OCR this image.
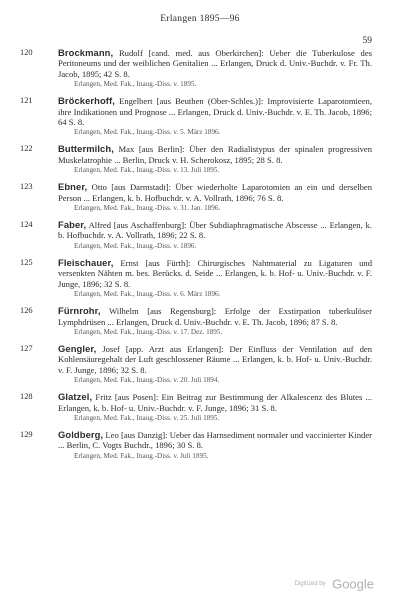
Erlangen 1895—96
59
120	Brockmann, Rudolf [cand. med. aus Oberkirchen]: Ueber die Tuberkulose des Peritoneums und der weiblichen Genitalien ... Erlangen, Druck d. Univ.-Buchdr. v. Fr. Th. Jacob, 1895; 42 S. 8.
Erlangen, Med. Fak., Inaug.-Diss. v. 1895.
121	Bröckerhoff, Engelbert [aus Beuthen (Ober-Schles.)]: Improvisierte Laparotomieen, ihre Indikationen und Prognose ... Erlangen, Druck d. Univ.-Buchdr. v. E. Th. Jacob, 1896; 64 S. 8.
Erlangen, Med. Fak., Inaug.-Diss. v. 5. März 1896.
122	Buttermilch, Max [aus Berlin]: Über den Radialistypus der spinalen progressiven Muskelatrophie ... Berlin, Druck v. H. Scherokosz, 1895; 28 S. 8.
Erlangen, Med. Fak., Inaug.-Diss. v. 13. Juli 1895.
123	Ebner, Otto [aus Darmstadt]: Über wiederholte Laparotomien an ein und derselben Person ... Erlangen, k. b. Hofbuchdr. v. A. Vollrath, 1896; 76 S. 8.
Erlangen, Med. Fak., Inaug.-Diss. v. 31. Jan. 1896.
124	Faber, Alfred [aus Aschaffenburg]: Über Subdiaphragmatische Abscesse ... Erlangen, k. b. Hofbuchdr. v. A. Vollrath, 1896; 22 S. 8.
Erlangen, Med. Fak., Inaug.-Diss. v. 1896.
125	Fleischauer, Ernst [aus Fürth]: Chirurgisches Nahtmaterial zu Ligaturen und versenkten Nähten m. bes. Berücks. d. Seide ... Erlangen, k. b. Hof- u. Univ.-Buchdr. v. F. Junge, 1896; 32 S. 8.
Erlangen, Med. Fak., Inaug.-Diss. v. 6. März 1896.
126	Fürnrohr, Wilhelm [aus Regensburg]: Erfolge der Exstirpation tuberkulöser Lymphdrüsen ... Erlangen, Druck d. Univ.-Buchdr. v. E. Th. Jacob, 1896; 87 S. 8.
Erlangen, Med. Fak., Inaug.-Diss. v. 17. Dez. 1895.
127	Gengler, Josef [app. Arzt aus Erlangen]: Der Einfluss der Ventilation auf den Kohlensäuregehalt der Luft geschlossener Räume ... Erlangen, k. b. Hof- u. Univ.-Buchdr. v. F. Junge, 1896; 32 S. 8.
Erlangen, Med. Fak., Inaug.-Diss. v. 20. Juli 1894.
128	Glatzel, Fritz [aus Posen]: Ein Beitrag zur Bestimmung der Alkalescenz des Blutes ... Erlangen, k. b. Hof- u. Univ.-Buchdr. v. F. Junge, 1896; 31 S. 8.
Erlangen, Med. Fak., Inaug.-Diss. v. 25. Juli 1895.
129	Goldberg, Leo [aus Danzig]: Ueber das Harnsediment normaler und vaccinierter Kinder ... Berlin, C. Vogts Buchdr., 1896; 30 S. 8.
Erlangen, Med. Fak., Inaug.-Diss. v. Juli 1895.
Digitized by Google
